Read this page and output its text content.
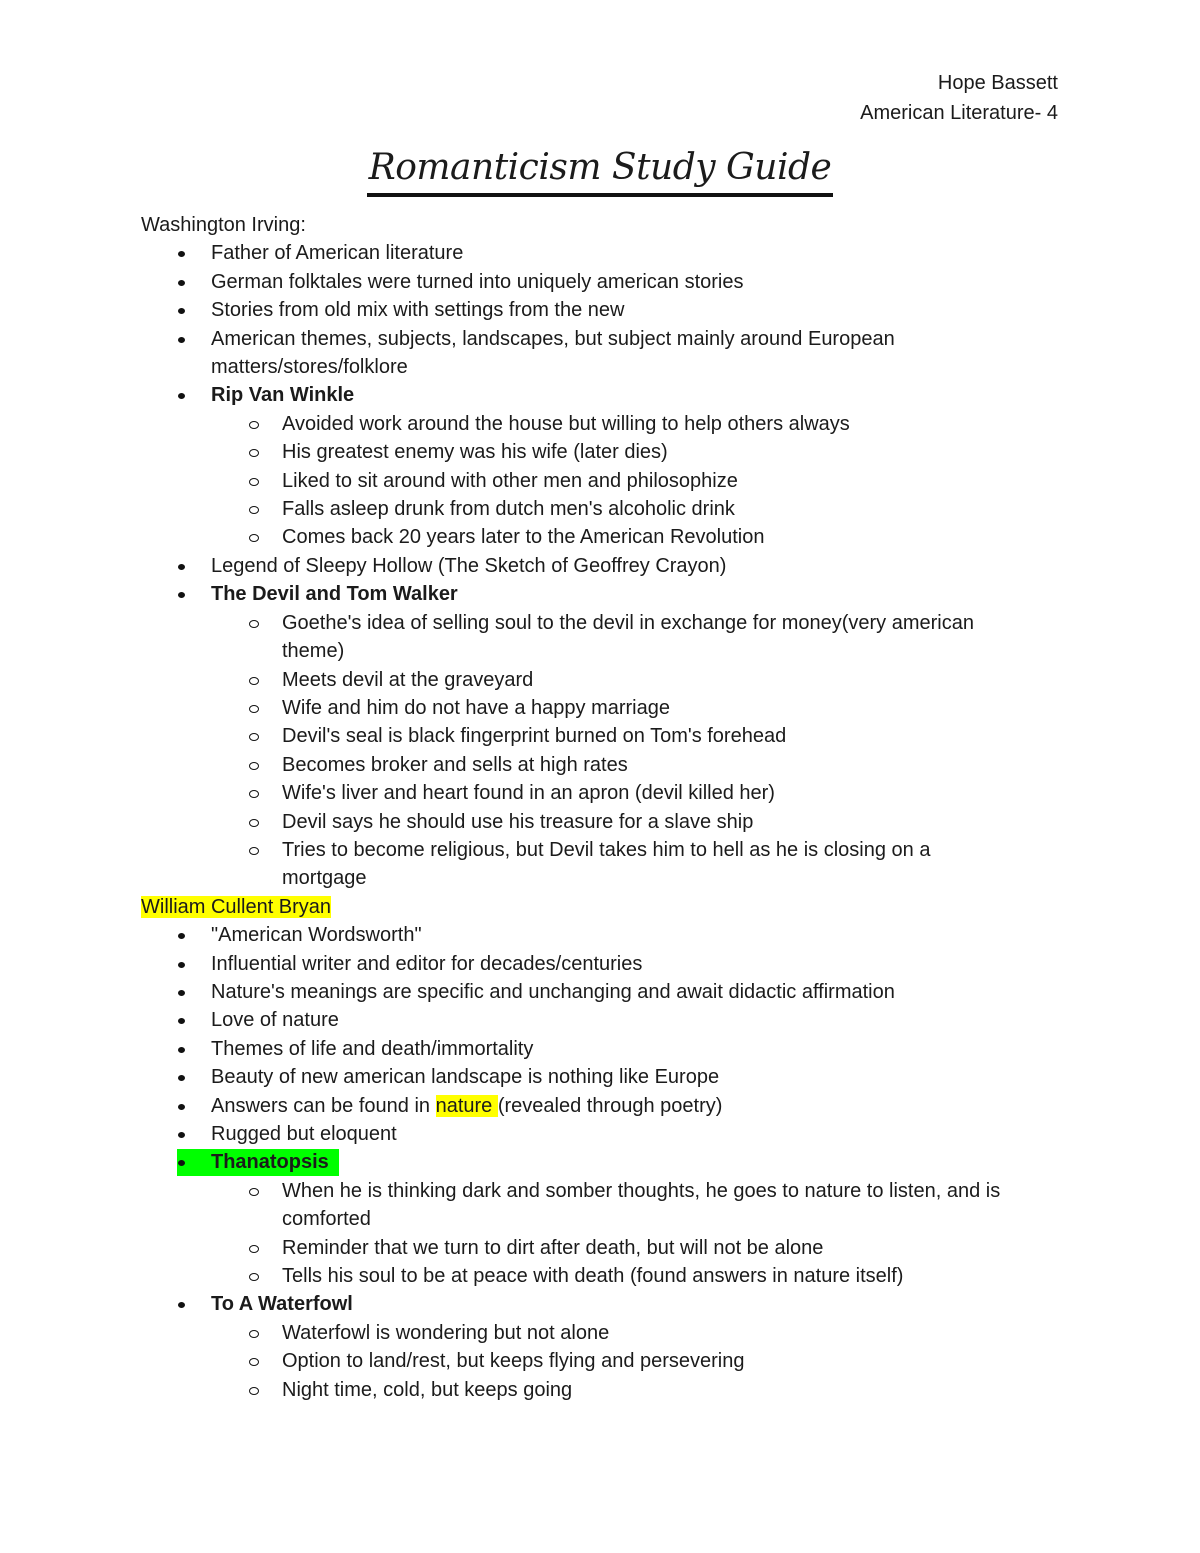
Hope Bassett
American Literature- 4
Romanticism Study Guide
Washington Irving:
Father of American literature
German folktales were turned into uniquely american stories
Stories from old mix with settings from the new
American themes, subjects, landscapes, but subject mainly around European
matters/stores/folklore
Rip Van Winkle
Avoided work around the house but willing to help others always
His greatest enemy was his wife (later dies)
Liked to sit around with other men and philosophize
Falls asleep drunk from dutch men's alcoholic drink
Comes back 20 years later to the American Revolution
Legend of Sleepy Hollow (The Sketch of Geoffrey Crayon)
The Devil and Tom Walker
Goethe's idea of selling soul to the devil in exchange for money(very american
theme)
Meets devil at the graveyard
Wife and him do not have a happy marriage
Devil's seal is black fingerprint burned on Tom's forehead
Becomes broker and sells at high rates
Wife's liver and heart found in an apron (devil killed her)
Devil says he should use his treasure for a slave ship
Tries to become religious, but Devil takes him to hell as he is closing on a
mortgage
William Cullent Bryan
"American Wordsworth"
Influential writer and editor for decades/centuries
Nature's meanings are specific and unchanging and await didactic affirmation
Love of nature
Themes of life and death/immortality
Beauty of new american landscape is nothing like Europe
Answers can be found in nature (revealed through poetry)
Rugged but eloquent
Thanatopsis
When he is thinking dark and somber thoughts, he goes to nature to listen, and is
comforted
Reminder that we turn to dirt after death, but will not be alone
Tells his soul to be at peace with death (found answers in nature itself)
To A Waterfowl
Waterfowl is wondering but not alone
Option to land/rest, but keeps flying and persevering
Night time, cold, but keeps going
